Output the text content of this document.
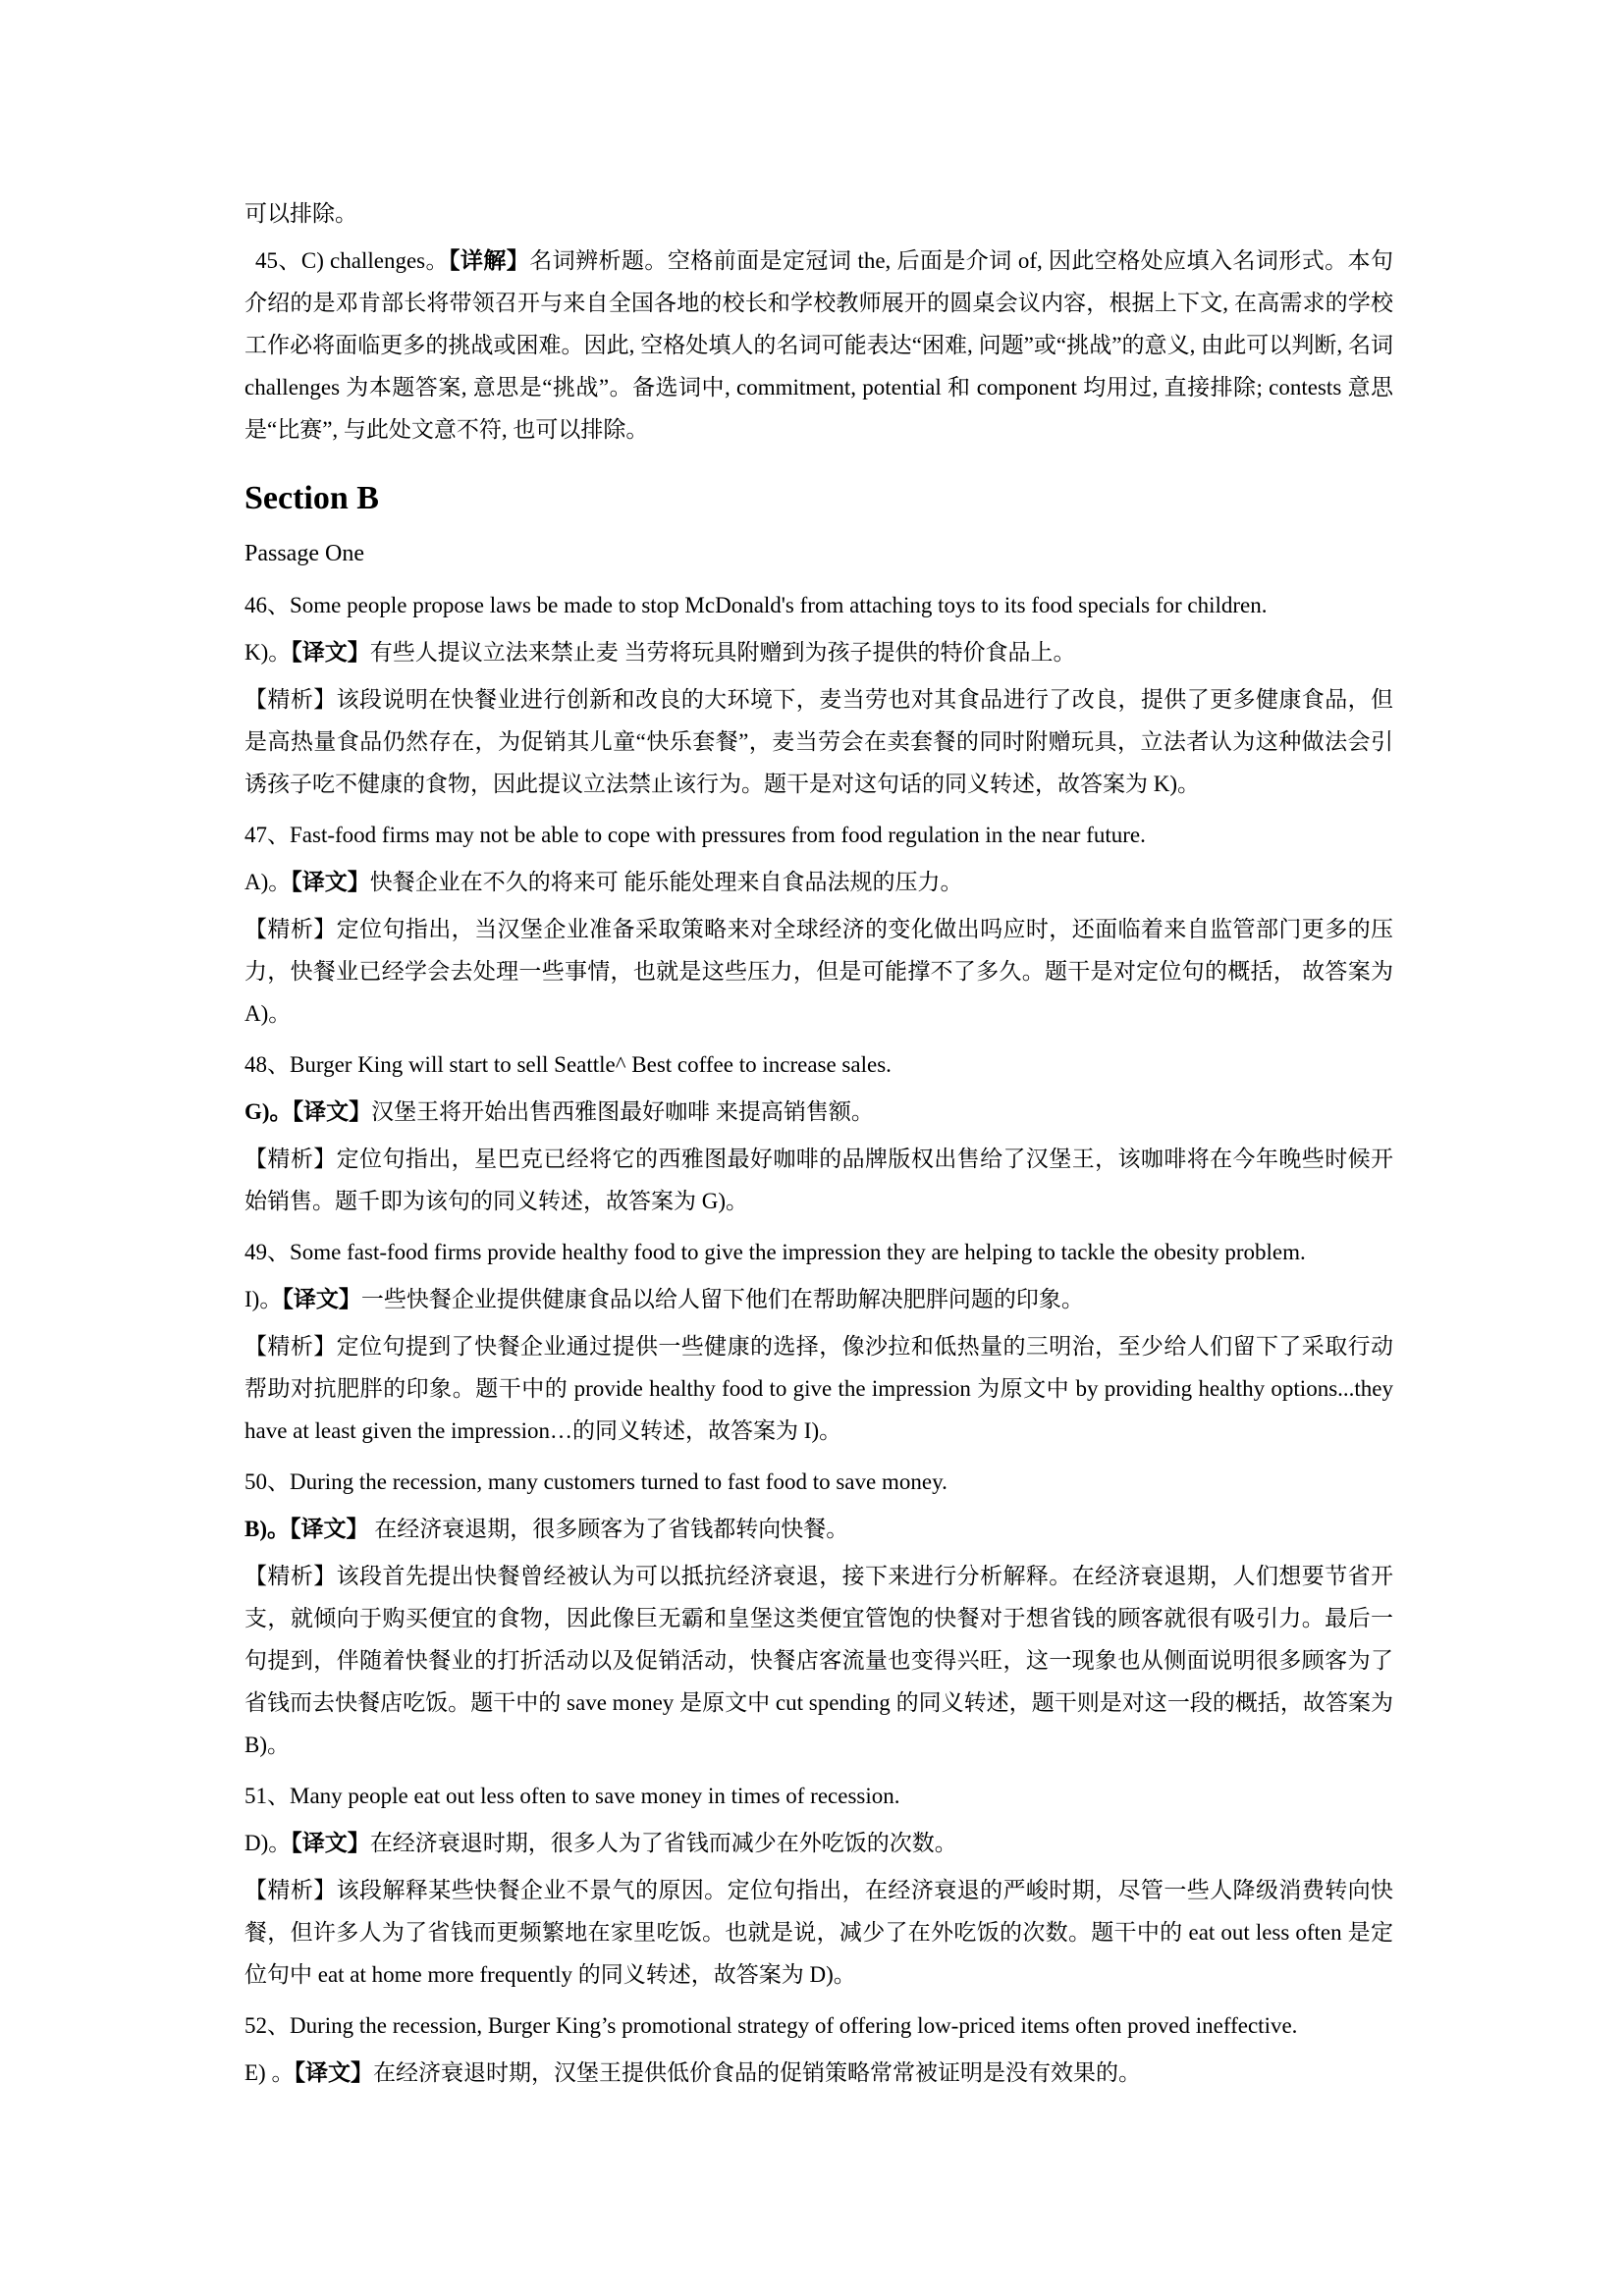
可以排除。

45、C) challenges。【详解】名词辨析题。空格前面是定冠词 the, 后面是介词 of, 因此空格处应填入名词形式。本句介绍的是邓肯部长将带领召开与来自全国各地的校长和学校教师展开的圆桌会议内容，根据上下文, 在高需求的学校工作必将面临更多的挑战或困难。因此, 空格处填人的名词可能表达“困难, 问题”或“挑战”的意义, 由此可以判断, 名词 challenges 为本题答案, 意思是“挑战”。备选词中, commitment, potential 和 component 均用过, 直接排除; contests 意思是“比赛”, 与此处文意不符, 也可以排除。

Section B

Passage One

46、Some people propose laws be made to stop McDonald's from attaching toys to its food specials for children.

K)。【译文】有些人提议立法来禁止麦 当劳将玩具附赠到为孩子提供的特价食品上。

【精析】该段说明在快餐业进行创新和改良的大环境下，麦当劳也对其食品进行了改良，提供了更多健康食品，但是高热量食品仍然存在，为促销其儿童“快乐套餐”，麦当劳会在卖套餐的同时附赠玩具，立法者认为这种做法会引诱孩子吃不健康的食物，因此提议立法禁止该行为。题干是对这句话的同义转述，故答案为 K)。

47、Fast-food firms may not be able to cope with pressures from food regulation in the near future.

A)。【译文】快餐企业在不久的将来可 能乐能处理来自食品法规的压力。

【精析】定位句指出，当汉堡企业准备采取策略来对全球经济的变化做出吗应时，还面临着来自监管部门更多的压力，快餐业已经学会去处理一些事情，也就是这些压力，但是可能撑不了多久。题干是对定位句的概括， 故答案为 A)。

48、Burger King will start to sell Seattle^ Best coffee to increase sales.

G)。【译文】汉堡王将开始出售西雅图最好咖啡 来提高销售额。

【精析】定位句指出，星巴克已经将它的西雅图最好咖啡的品牌版权出售给了汉堡王，该咖啡将在今年晚些时候开始销售。题千即为该句的同义转述，故答案为 G)。

49、Some fast-food firms provide healthy food to give the impression they are helping to tackle the obesity problem.

I)。【译文】一些快餐企业提供健康食品以给人留下他们在帮助解决肥胖问题的印象。

【精析】定位句提到了快餐企业通过提供一些健康的选择，像沙拉和低热量的三明治，至少给人们留下了采取行动帮助对抗肥胖的印象。题干中的 provide healthy food to give the impression 为原文中 by providing healthy options...they have at least given the impression…的同义转述，故答案为 I)。

50、During the recession, many customers turned to fast food to save money.

B)。【译文】 在经济衰退期，很多顾客为了省钱都转向快餐。

【精析】该段首先提出快餐曾经被认为可以抵抗经济衰退，接下来进行分析解释。在经济衰退期，人们想要节省开支，就倾向于购买便宜的食物，因此像巨无霸和皇堡这类便宜管饱的快餐对于想省钱的顾客就很有吸引力。最后一句提到，伴随着快餐业的打折活动以及促销活动，快餐店客流量也变得兴旺，这一现象也从侧面说明很多顾客为了省钱而去快餐店吃饭。题干中的 save money 是原文中 cut spending 的同义转述，题干则是对这一段的概括，故答案为 B)。

51、Many people eat out less often to save money in times of recession.

D)。【译文】在经济衰退时期，很多人为了省钱而减少在外吃饭的次数。

【精析】该段解释某些快餐企业不景气的原因。定位句指出，在经济衰退的严峻时期，尽管一些人降级消费转向快餐，但许多人为了省钱而更频繁地在家里吃饭。也就是说，减少了在外吃饭的次数。题干中的 eat out less often 是定位句中 eat at home more frequently 的同义转述，故答案为 D)。

52、During the recession, Burger King’s promotional strategy of offering low-priced items often proved ineffective.

E) 。【译文】在经济衰退时期，汉堡王提供低价食品的促销策略常常被证明是没有效果的。
